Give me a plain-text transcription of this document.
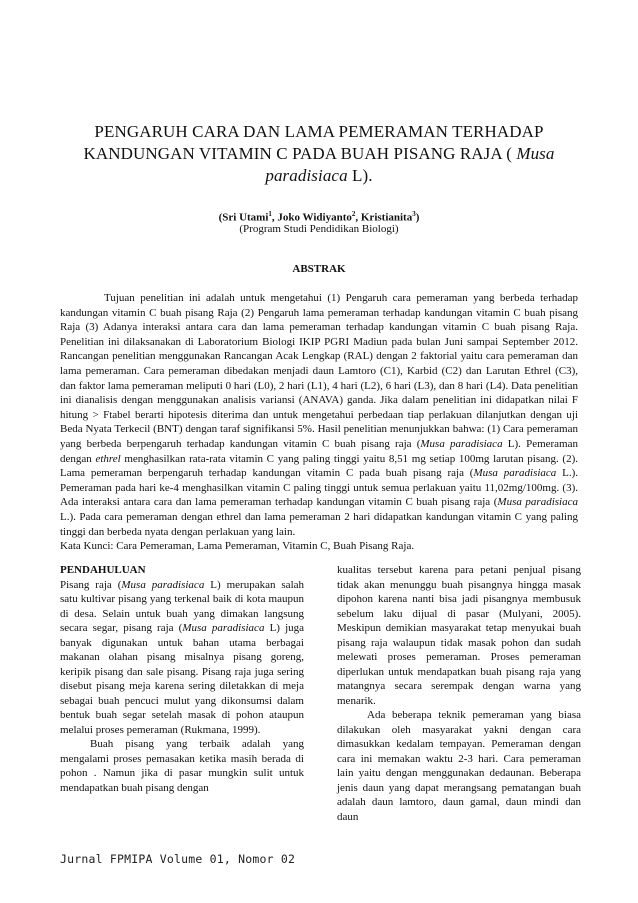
PENGARUH CARA DAN LAMA PEMERAMAN TERHADAP
KANDUNGAN VITAMIN C PADA BUAH PISANG RAJA ( Musa
paradisiaca L).
(Sri Utami$^1$, Joko Widiyanto$^2$, Kristianita$^3$)
(Program Studi Pendidikan Biologi)
ABSTRAK

Tujuan penelitian ini adalah untuk mengetahui (1) Pengaruh cara pemeraman yang berbeda terhadap kandungan vitamin C buah pisang Raja (2) Pengaruh lama pemeraman terhadap kandungan vitamin C buah pisang Raja (3) Adanya interaksi antara cara dan lama pemeraman terhadap kandungan vitamin C buah pisang Raja. Penelitian ini dilaksanakan di Laboratorium Biologi IKIP PGRI Madiun pada bulan Juni sampai September 2012. Rancangan penelitian menggunakan Rancangan Acak Lengkap (RAL) dengan 2 faktorial yaitu cara pemeraman dan lama pemeraman. Cara pemeraman dibedakan menjadi daun Lamtoro (C1), Karbid (C2) dan Larutan Ethrel (C3), dan faktor lama pemeraman meliputi 0 hari (L0), 2 hari (L1), 4 hari (L2), 6 hari (L3), dan 8 hari (L4). Data penelitian ini dianalisis dengan menggunakan analisis variansi (ANAVA) ganda. Jika dalam penelitian ini didapatkan nilai F hitung > Ftabel berarti hipotesis diterima dan untuk mengetahui perbedaan tiap perlakuan dilanjutkan dengan uji Beda Nyata Terkecil (BNT) dengan taraf signifikansi 5%. Hasil penelitian menunjukkan bahwa: (1) Cara pemeraman yang berbeda berpengaruh terhadap kandungan vitamin C buah pisang raja (Musa paradisiaca L). Pemeraman dengan ethrel menghasilkan rata-rata vitamin C yang paling tinggi yaitu 8,51 mg setiap 100mg larutan pisang. (2). Lama pemeraman berpengaruh terhadap kandungan vitamin C pada buah pisang raja (Musa paradisiaca L.). Pemeraman pada hari ke-4 menghasilkan vitamin C paling tinggi untuk semua perlakuan yaitu 11,02mg/100mg. (3). Ada interaksi antara cara dan lama pemeraman terhadap kandungan vitamin C buah pisang raja (Musa paradisiaca L.). Pada cara pemeraman dengan ethrel dan lama pemeraman 2 hari didapatkan kandungan vitamin C yang paling tinggi dan berbeda nyata dengan perlakuan yang lain.

Kata Kunci: Cara Pemeraman, Lama Pemeraman, Vitamin C, Buah Pisang Raja.

PENDAHULUAN

Pisang raja (Musa paradisiaca L) merupakan salah satu kultivar pisang yang terkenal baik di kota maupun di desa. Selain untuk buah yang dimakan langsung secara segar, pisang raja (Musa paradisiaca L) juga banyak digunakan untuk bahan utama berbagai makanan olahan pisang misalnya pisang goreng, keripik pisang dan sale pisang. Pisang raja juga sering disebut pisang meja karena sering diletakkan di meja sebagai buah pencuci mulut yang dikonsumsi dalam bentuk buah segar setelah masak di pohon ataupun melalui proses pemeraman (Rukmana, 1999).

Buah pisang yang terbaik adalah yang mengalami proses pemasakan ketika masih berada di pohon . Namun jika di pasar mungkin sulit untuk mendapatkan buah pisang dengan

kualitas tersebut karena para petani penjual pisang tidak akan menunggu buah pisangnya hingga masak dipohon karena nanti bisa jadi pisangnya membusuk sebelum laku dijual di pasar (Mulyani, 2005). Meskipun demikian masyarakat tetap menyukai buah pisang raja walaupun tidak masak pohon dan sudah melewati proses pemeraman. Proses pemeraman diperlukan untuk mendapatkan buah pisang raja yang matangnya secara serempak dengan warna yang menarik.

Ada beberapa teknik pemeraman yang biasa dilakukan oleh masyarakat yakni dengan cara dimasukkan kedalam tempayan. Pemeraman dengan cara ini memakan waktu 2-3 hari. Cara pemeraman lain yaitu dengan menggunakan dedaunan. Beberapa jenis daun yang dapat merangsang pematangan buah adalah daun lamtoro, daun gamal, daun mindi dan daun

Jurnal FPMIPA Volume 01, Nomor 02
